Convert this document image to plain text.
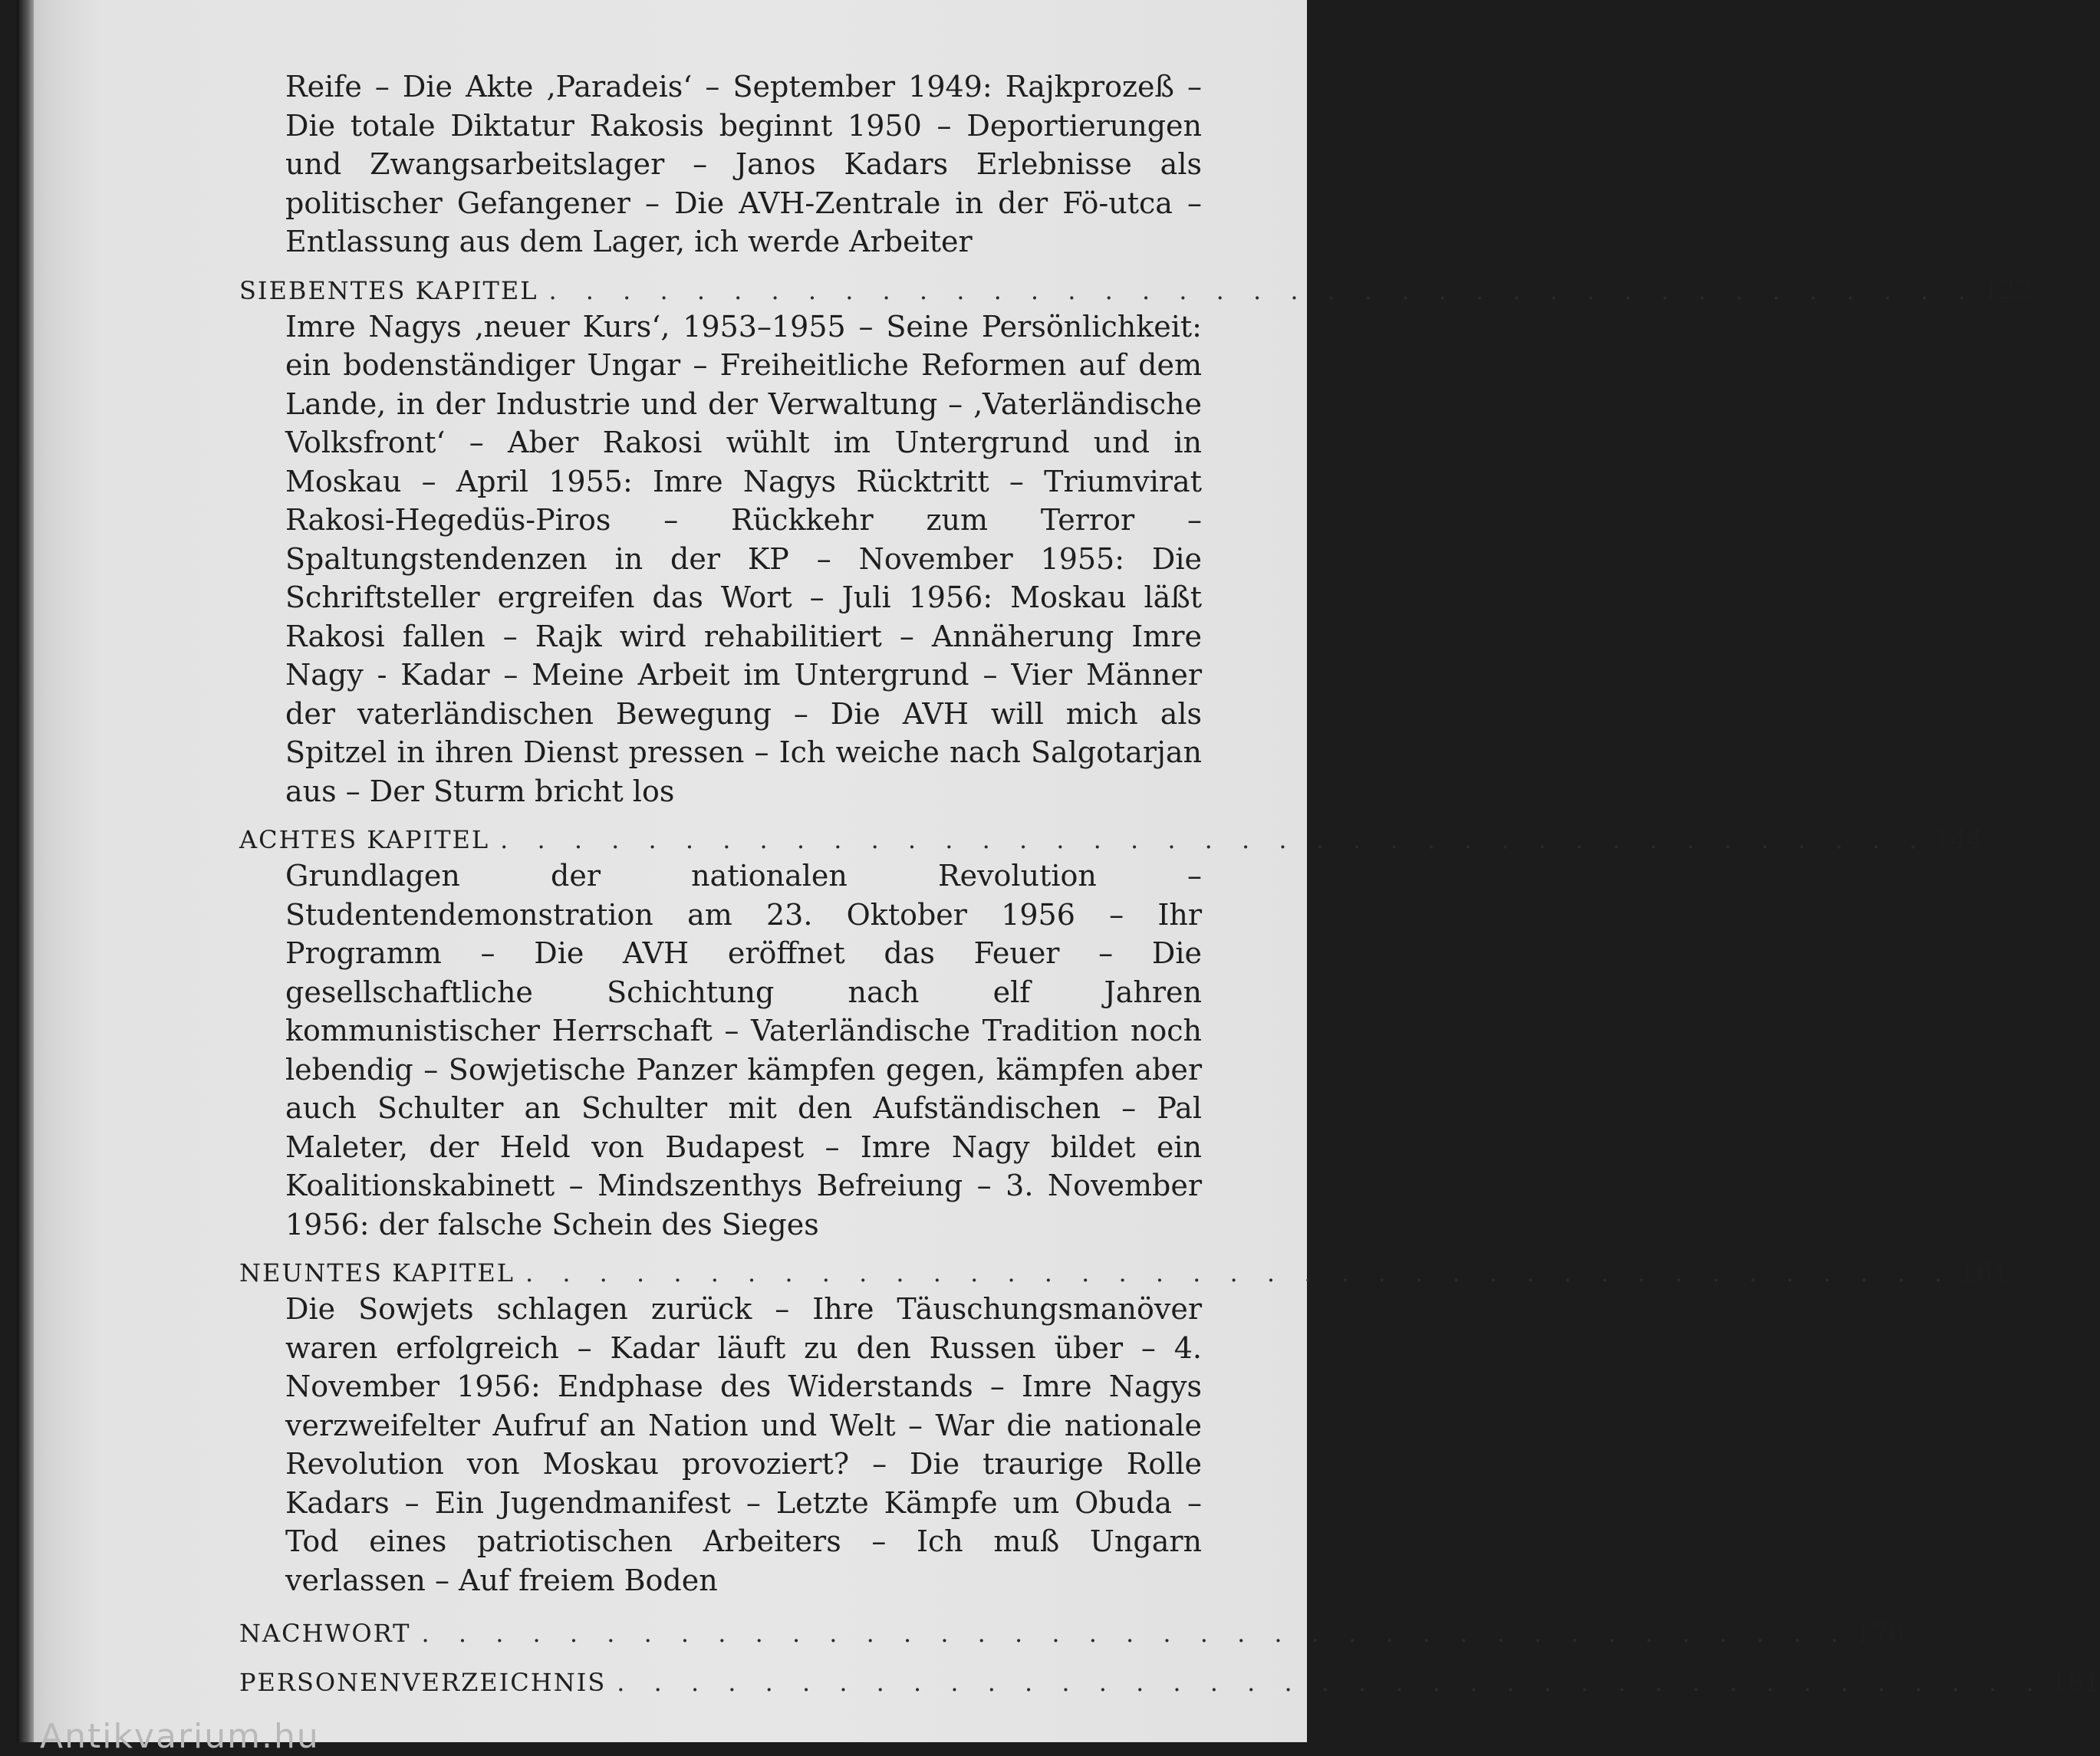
Reife – Die Akte ‚Paradeis‘ – September 1949: Rajkprozeß – Die totale Diktatur Rakosis beginnt 1950 – Deportierungen und Zwangsarbeitslager – Janos Kadars Erlebnisse als politischer Gefangener – Die AVH-Zentrale in der Fö-utca – Entlassung aus dem Lager, ich werde Arbeiter

SIEBENTES KAPITEL . . . . . . . . . . . . . . . . . . . . . . . . . . . . . . . . . . . . . . . 122

Imre Nagys ‚neuer Kurs‘, 1953–1955 – Seine Persönlichkeit: ein bodenständiger Ungar – Freiheitliche Reformen auf dem Lande, in der Industrie und der Verwaltung – ‚Vaterländische Volksfront‘ – Aber Rakosi wühlt im Untergrund und in Moskau – April 1955: Imre Nagys Rücktritt – Triumvirat Rakosi-Hegedüs-Piros – Rückkehr zum Terror – Spaltungstendenzen in der KP – November 1955: Die Schriftsteller ergreifen das Wort – Juli 1956: Moskau läßt Rakosi fallen – Rajk wird rehabilitiert – Annäherung Imre Nagy - Kadar – Meine Arbeit im Untergrund – Vier Männer der vaterländischen Bewegung – Die AVH will mich als Spitzel in ihren Dienst pressen – Ich weiche nach Salgotarjan aus – Der Sturm bricht los

ACHTES KAPITEL . . . . . . . . . . . . . . . . . . . . . . . . . . . . . . . . . . . . . . . 144

Grundlagen der nationalen Revolution – Studentendemonstration am 23. Oktober 1956 – Ihr Programm – Die AVH eröffnet das Feuer – Die gesellschaftliche Schichtung nach elf Jahren kommunistischer Herrschaft – Vaterländische Tradition noch lebendig – Sowjetische Panzer kämpfen gegen, kämpfen aber auch Schulter an Schulter mit den Aufständischen – Pal Maleter, der Held von Budapest – Imre Nagy bildet ein Koalitionskabinett – Mindszenthys Befreiung – 3. November 1956: der falsche Schein des Sieges

NEUNTES KAPITEL . . . . . . . . . . . . . . . . . . . . . . . . . . . . . . . . . . . . . . . 161

Die Sowjets schlagen zurück – Ihre Täuschungsmanöver waren erfolgreich – Kadar läuft zu den Russen über – 4. November 1956: Endphase des Widerstands – Imre Nagys verzweifelter Aufruf an Nation und Welt – War die nationale Revolution von Moskau provoziert? – Die traurige Rolle Kadars – Ein Jugendmanifest – Letzte Kämpfe um Obuda – Tod eines patriotischen Arbeiters – Ich muß Ungarn verlassen – Auf freiem Boden

NACHWORT . . . . . . . . . . . . . . . . . . . . . . . . . . . . . . . . . . . . . . . 176
PERSONENVERZEICHNIS . . . . . . . . . . . . . . . . . . . . . . . . . . . . . . . . . . . . . . . 181
Antikvarium.hu
